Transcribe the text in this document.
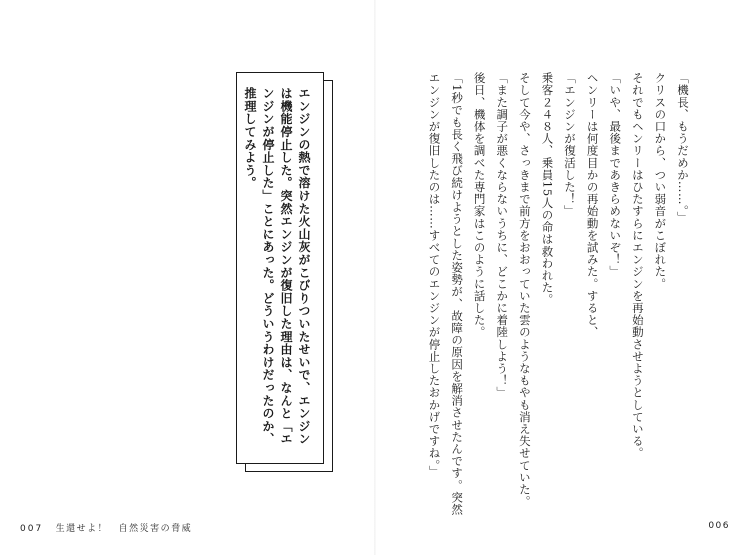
「機長、もうだめか……。」
クリスの口から、つい弱音がこぼれた。
それでもヘンリーはひたすらにエンジンを再始動させようとしている。
「いや、最後まであきらめないぞ！」
ヘンリーは何度目かの再始動を試みた。すると、
「エンジンが復活した！」
乗客２４８人、乗員15人の命は救われた。
そして今や、さっきまで前方をおおっていた雲のようなもやも消え失せていた。
「また調子が悪くならないうちに、どこかに着陸しよう！」
後日、機体を調べた専門家はこのように話した。
「1秒でも長く飛び続けようとした姿勢が、故障の原因を解消させたんです。突然
エンジンが復旧したのは……すべてのエンジンが停止したおかげですね。」
エンジンの熱で溶けた火山灰がこびりついたせいで、エンジン
は機能停止した。突然エンジンが復旧した理由は、なんと「エ
ンジンが停止した」ことにあった。どういうわけだったのか、
推理してみよう。
007 生還せよ！　自然災害の脅威	006
